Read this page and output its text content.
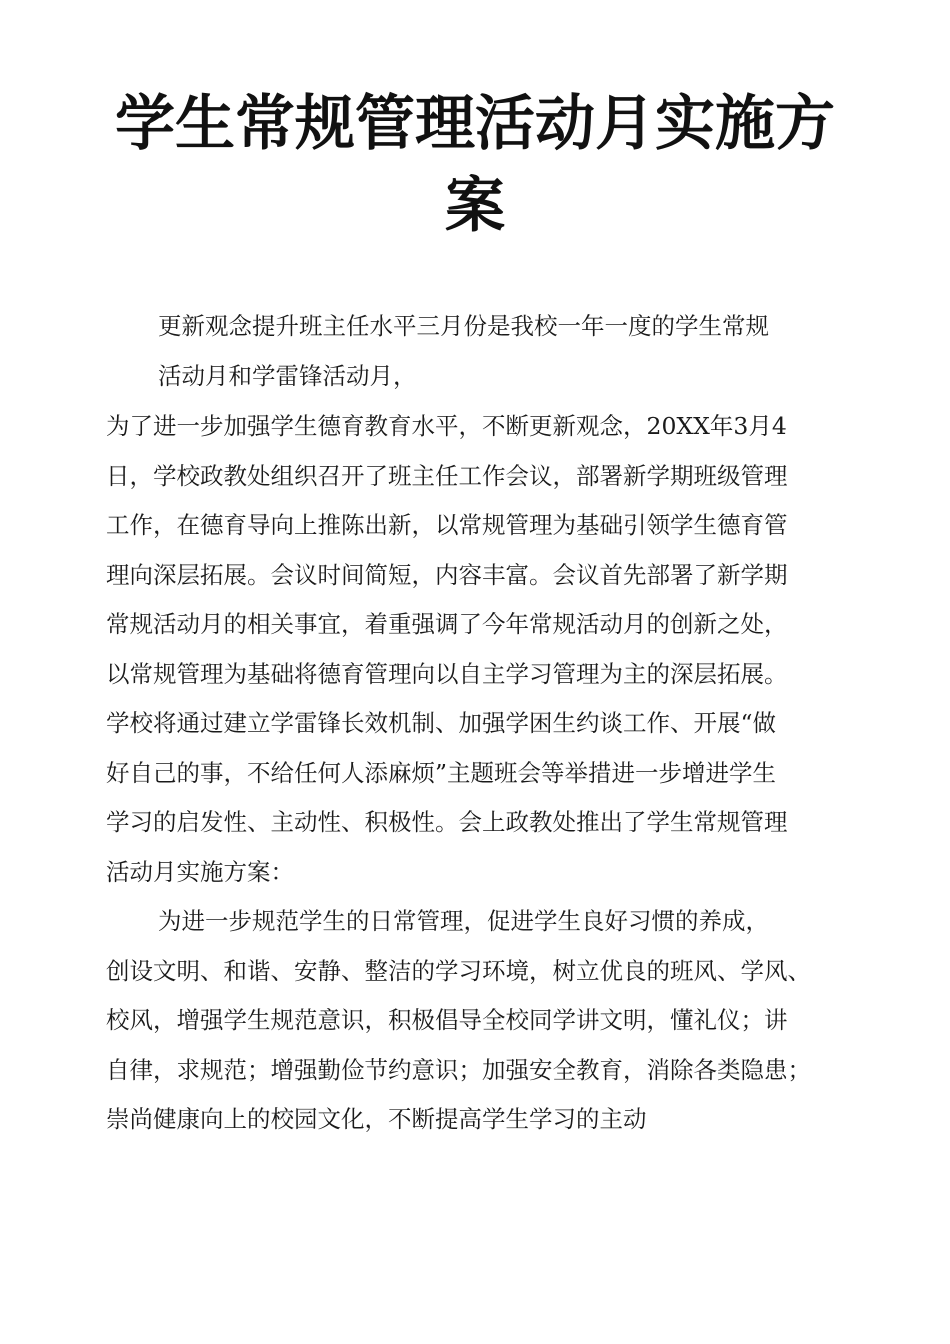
学生常规管理活动月实施方
案

更新观念提升班主任水平三月份是我校一年一度的学生常规

活动月和学雷锋活动月，

为了进一步加强学生德育教育水平，不断更新观念，20XX年3月4

日，学校政教处组织召开了班主任工作会议，部署新学期班级管理

工作，在德育导向上推陈出新，以常规管理为基础引领学生德育管

理向深层拓展。会议时间简短，内容丰富。会议首先部署了新学期

常规活动月的相关事宜，着重强调了今年常规活动月的创新之处，

以常规管理为基础将德育管理向以自主学习管理为主的深层拓展。

学校将通过建立学雷锋长效机制、加强学困生约谈工作、开展“做

好自己的事，不给任何人添麻烦”主题班会等举措进一步增进学生

学习的启发性、主动性、积极性。会上政教处推出了学生常规管理

活动月实施方案：

为进一步规范学生的日常管理，促进学生良好习惯的养成，

创设文明、和谐、安静、整洁的学习环境，树立优良的班风、学风、

校风，增强学生规范意识，积极倡导全校同学讲文明，懂礼仪；讲

自律，求规范；增强勤俭节约意识；加强安全教育，消除各类隐患；

崇尚健康向上的校园文化，不断提高学生学习的主动
